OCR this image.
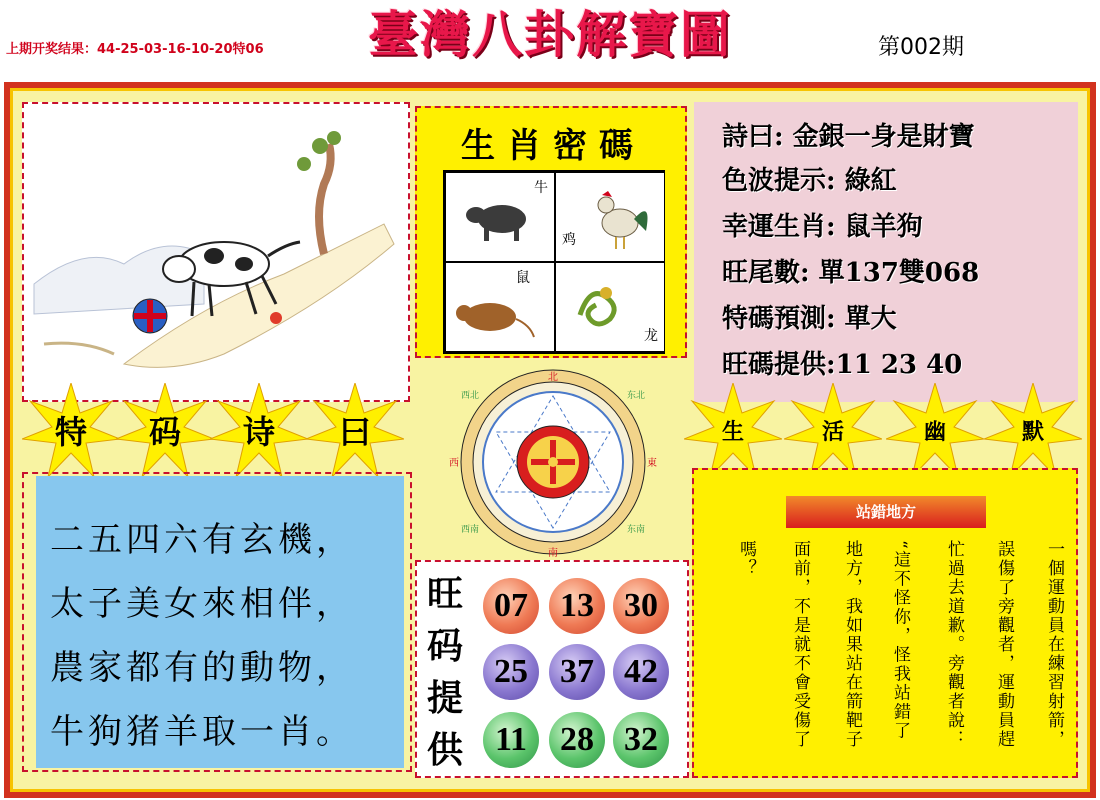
上期开奖结果：44-25-03-16-10-20特06	臺灣八卦解寶圖	第002期
生肖密碼
牛
鸡
鼠
龙
詩曰: 金銀一身是財寶
色波提示: 綠紅
幸運生肖: 鼠羊狗
旺尾數: 單137雙068
特碼預測: 單大
旺碼提供:11 23 40
特	码	诗	曰	生	活	幽	默
二五四六有玄機，
太子美女來相伴，
農家都有的動物，
牛狗猪羊取一肖。
北
東
南
西
西北	东北
东南
西南
旺码提供
07 13 30
25 37 42
11 28 32
站錯地方
一個運動員在練習射箭，
誤傷了旁觀者，運動員趕
忙過去道歉。旁觀者說：
“這不怪你，怪我站錯了
地方，我如果站在箭靶子
面前，不是就不會受傷了
嗎？
